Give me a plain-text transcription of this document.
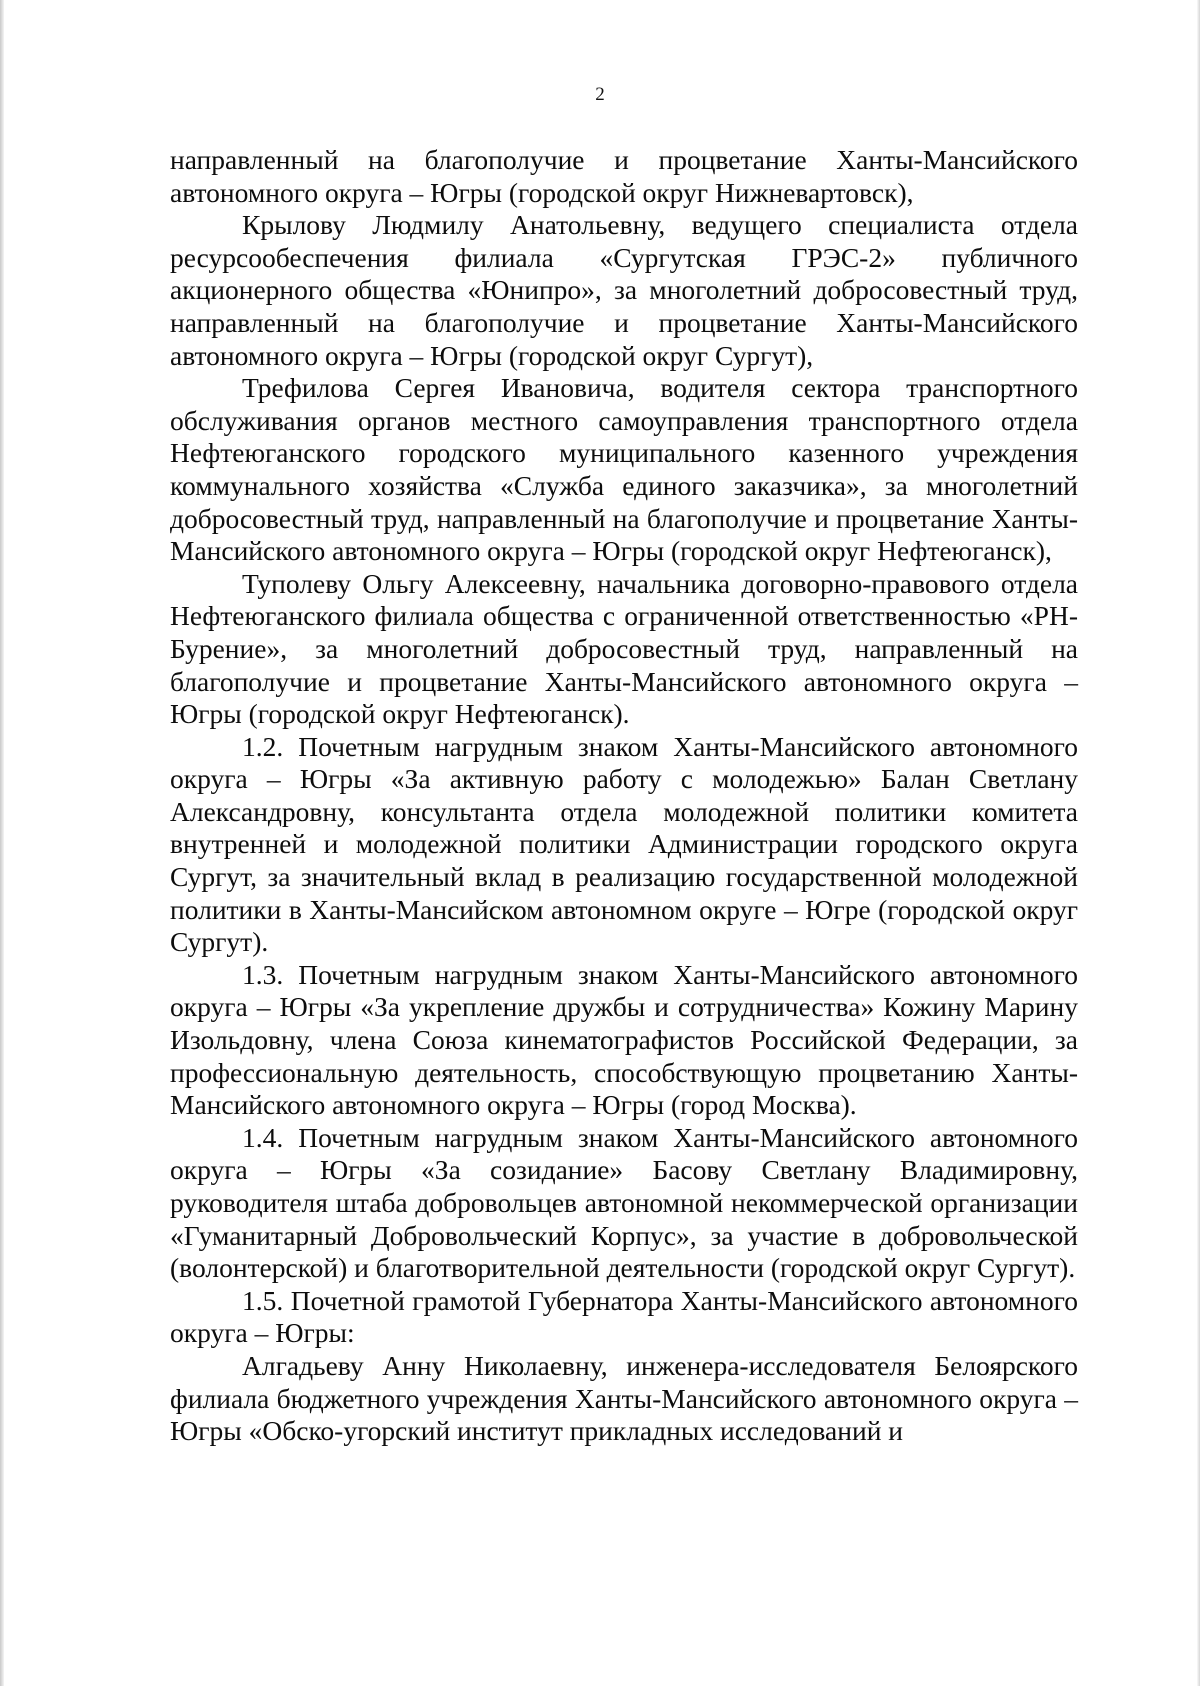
2

направленный на благополучие и процветание Ханты-Мансийского автономного округа – Югры (городской округ Нижневартовск),

Крылову Людмилу Анатольевну, ведущего специалиста отдела ресурсообеспечения филиала «Сургутская ГРЭС-2» публичного акционерного общества «Юнипро», за многолетний добросовестный труд, направленный на благополучие и процветание Ханты-Мансийского автономного округа – Югры (городской округ Сургут),

Трефилова Сергея Ивановича, водителя сектора транспортного обслуживания органов местного самоуправления транспортного отдела Нефтеюганского городского муниципального казенного учреждения коммунального хозяйства «Служба единого заказчика», за многолетний добросовестный труд, направленный на благополучие и процветание Ханты-Мансийского автономного округа – Югры (городской округ Нефтеюганск),

Туполеву Ольгу Алексеевну, начальника договорно-правового отдела Нефтеюганского филиала общества с ограниченной ответственностью «РН-Бурение», за многолетний добросовестный труд, направленный на благополучие и процветание Ханты-Мансийского автономного округа – Югры (городской округ Нефтеюганск).

1.2. Почетным нагрудным знаком Ханты-Мансийского автономного округа – Югры «За активную работу с молодежью» Балан Светлану Александровну, консультанта отдела молодежной политики комитета внутренней и молодежной политики Администрации городского округа Сургут, за значительный вклад в реализацию государственной молодежной политики в Ханты-Мансийском автономном округе – Югре (городской округ Сургут).

1.3. Почетным нагрудным знаком Ханты-Мансийского автономного округа – Югры «За укрепление дружбы и сотрудничества» Кожину Марину Изольдовну, члена Союза кинематографистов Российской Федерации, за профессиональную деятельность, способствующую процветанию Ханты-Мансийского автономного округа – Югры (город Москва).

1.4. Почетным нагрудным знаком Ханты-Мансийского автономного округа – Югры «За созидание» Басову Светлану Владимировну, руководителя штаба добровольцев автономной некоммерческой организации «Гуманитарный Добровольческий Корпус», за участие в добровольческой (волонтерской) и благотворительной деятельности (городской округ Сургут).

1.5. Почетной грамотой Губернатора Ханты-Мансийского автономного округа – Югры:

Алгадьеву Анну Николаевну, инженера-исследователя Белоярского филиала бюджетного учреждения Ханты-Мансийского автономного округа – Югры «Обско-угорский институт прикладных исследований и
